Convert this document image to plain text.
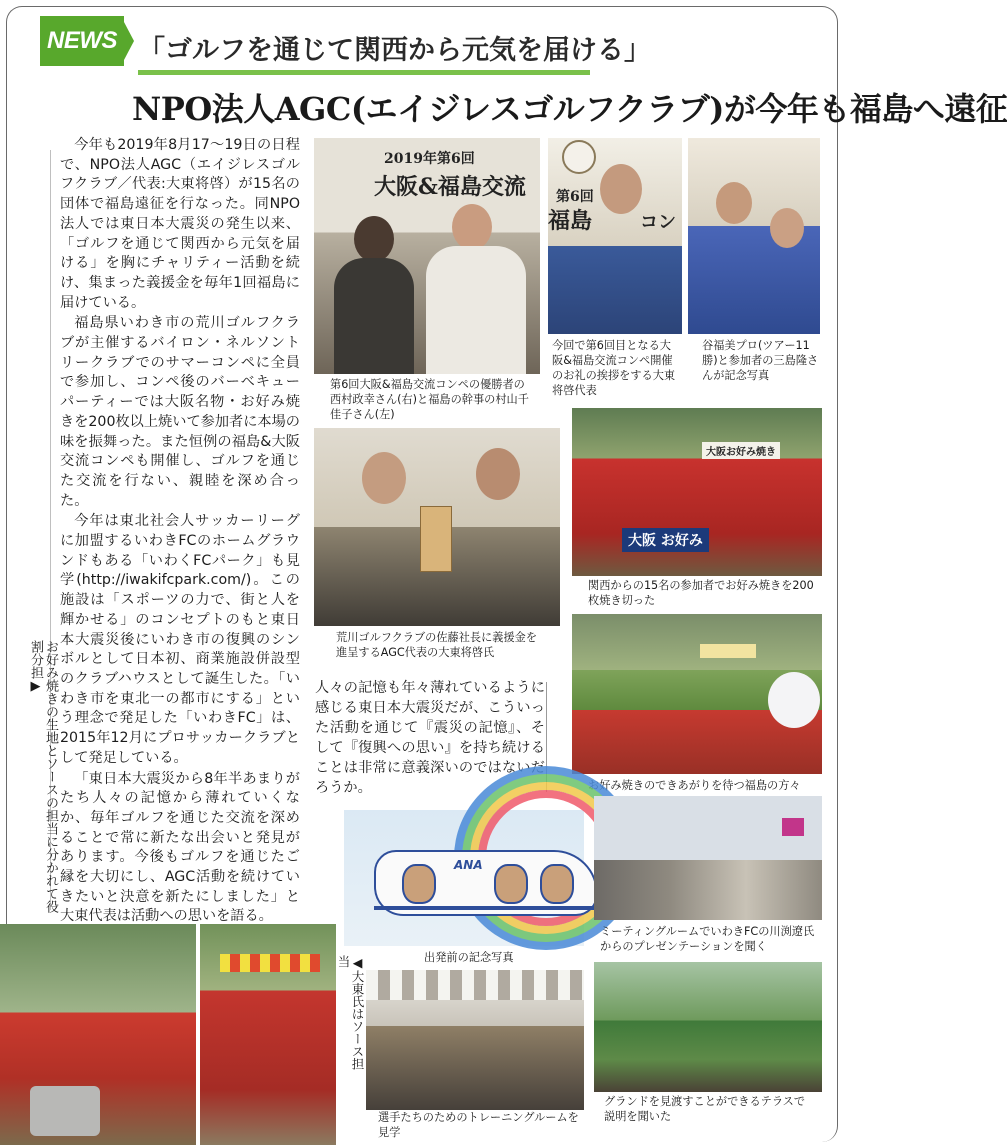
NEWS 「ゴルフを通じて関西から元気を届ける」
NPO法人AGC(エイジレスゴルフクラブ)が今年も福島へ遠征
お好み焼きの生地とソースの担当に分かれて役割分担▶

今年も2019年8月17〜19日の日程で、NPO法人AGC（エイジレスゴルフクラブ／代表:大東将啓）が15名の団体で福島遠征を行なった。同NPO法人では東日本大震災の発生以来、「ゴルフを通じて関西から元気を届ける」を胸にチャリティー活動を続け、集まった義援金を毎年1回福島に届けている。

福島県いわき市の荒川ゴルフクラブが主催するバイロン・ネルソントリークラブでのサマーコンペに全員で参加し、コンペ後のバーベキューパーティーでは大阪名物・お好み焼きを200枚以上焼いて参加者に本場の味を振舞った。また恒例の福島&大阪交流コンペも開催し、ゴルフを通じた交流を行ない、親睦を深め合った。

今年は東北社会人サッカーリーグに加盟するいわきFCのホームグラウンドもある「いわくFCパーク」も見学(http://iwakifcpark.com/)。この施設は「スポーツの力で、街と人を輝かせる」のコンセプトのもと東日本大震災後にいわき市の復興のシンボルとして日本初、商業施設併設型のクラブハウスとして誕生した。「いわき市を東北一の都市にする」という理念で発足した「いわきFC」は、2015年12月にプロサッカークラブとして発足している。

「東日本大震災から8年半あまりがたち人々の記憶から薄れていくなか、毎年ゴルフを通じた交流を深めることで常に新たな出会いと発見があります。今後もゴルフを通じたご縁を大切にし、AGC活動を続けていきたいと決意を新たにしました」と大東代表は活動への思いを語る。

2019年第6回
大阪&福島交流
第6回大阪&福島交流コンペの優勝者の西村政幸さん(右)と福島の幹事の村山千佳子さん(左)
第6回
福島	コン
今回で第6回目となる大阪&福島交流コンペ開催のお礼の挨拶をする大東将啓代表
谷福美プロ(ツアー11勝)と参加者の三島隆さんが記念写真
荒川ゴルフクラブの佐藤社長に義援金を進呈するAGC代表の大東将啓氏
大阪お好み焼き
大阪 お好み
関西からの15名の参加者でお好み焼きを200枚焼き切った
お好み焼きのできあがりを待つ福島の方々
人々の記憶も年々薄れているように感じる東日本大震災だが、こういった活動を通じて『震災の記憶』、そして『復興への思い』を持ち続けることは非常に意義深いのではないだろうか。
ANA
出発前の記念写真
ミーティングルームでいわきFCの川渕遼氏からのプレゼンテーションを聞く
◀大東氏はソース担当
選手たちのためのトレーニングルームを見学
グランドを見渡すことができるテラスで説明を聞いた
